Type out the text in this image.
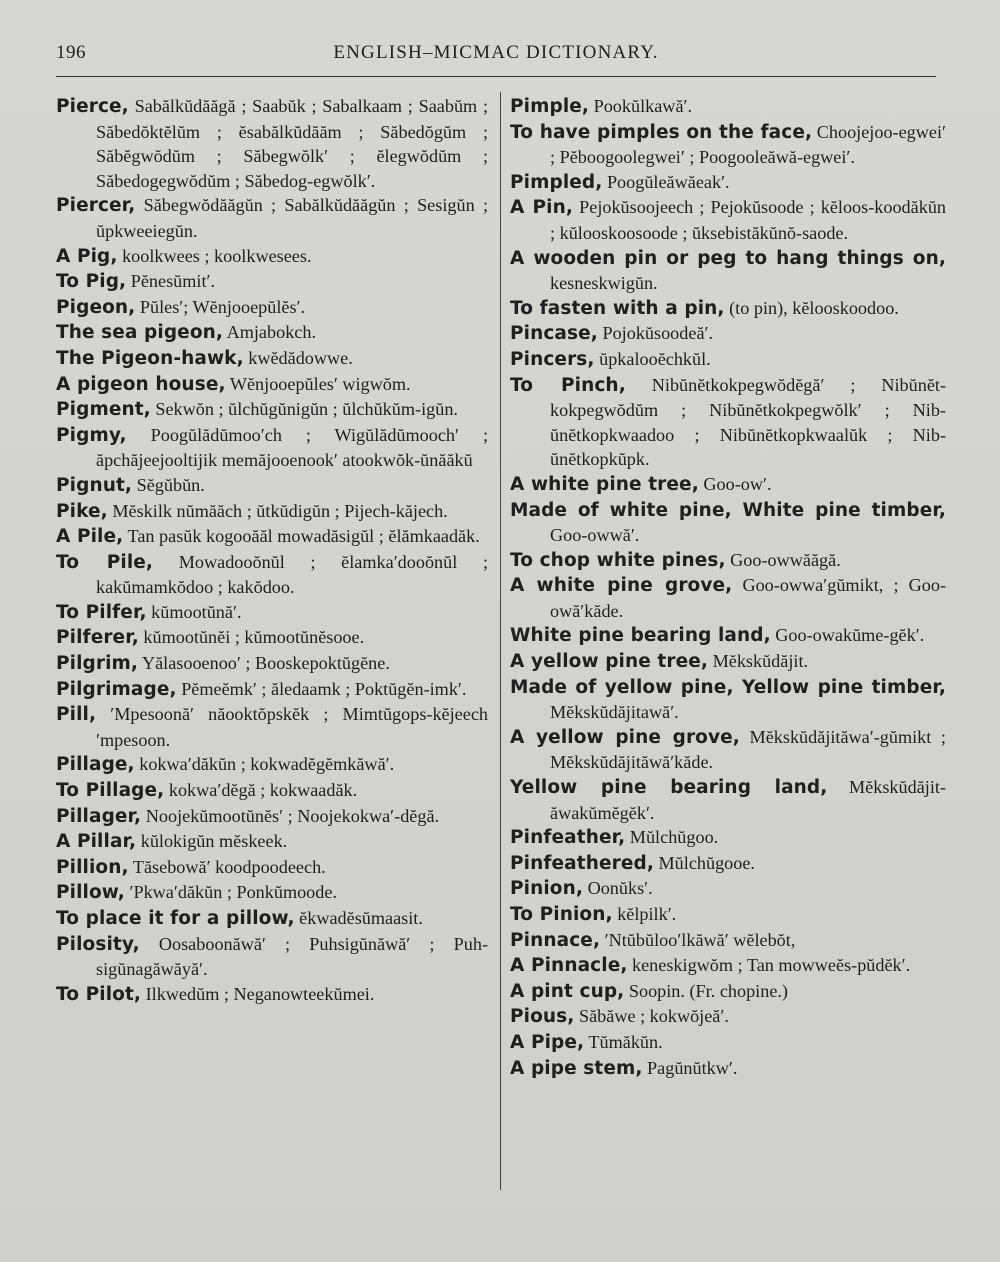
196	ENGLISH–MICMAC DICTIONARY.

Pierce, Sabălkŭdăăgă ; Saabŭk ; Sabalkaam ; Saabŭm ; Săbedŏktĕlŭm ; ĕsabălkŭdăăm ; Săbedŏgŭm ; Săbĕgwŏdŭm ; Săbegwŏlk′ ; ĕlegwŏdŭm ; Săbedogegwŏdŭm ; Săbedog-egwŏlk′.

Piercer, Săbegwŏdăăgŭn ; Sabălkŭdăăgŭn ; Sesigŭn ; ŭpkweeiegŭn.

A Pig, koolkwees ; koolkwesees.

To Pig, Pĕnesŭmit′.

Pigeon, Pŭles′; Wĕnjooepŭlĕs′.

The sea pigeon, Amjabokch.

The Pigeon-hawk, kwĕdădowwe.

A pigeon house, Wĕnjooepŭles′ wigwŏm.

Pigment, Sekwŏn ; ŭlchŭgŭnigŭn ; ŭlchŭkŭm-igŭn.

Pigmy, Poogŭlădŭmoo′ch ; Wigŭlădŭmooch′ ; ăpchăjeejooltijik memăjooenook′ atookwŏk-ŭnăăkŭ

Pignut, Sĕgŭbŭn.

Pike, Mĕskilk nŭmăăch ; ŭtkŭdigŭn ; Pijech-kăjech.

A Pile, Tan pasŭk kogooăăl mowadăsigŭl ; ĕlămkaadăk.

To Pile, Mowadooŏnŭl ; ĕlamka′dooŏnŭl ; kakŭmamkŏdoo ; kakŏdoo.

To Pilfer, kŭmootŭnă′.

Pilferer, kŭmootŭnĕi ; kŭmootŭnĕsooe.

Pilgrim, Yălasooenoo′ ; Booskepoktŭgĕne.

Pilgrimage, Pĕmeĕmk′ ; ăledaamk ; Poktŭgĕn-imk′.

Pill, ′Mpesoonă′ năooktŏpskĕk ; Mimtŭgops-kĕjeech ′mpesoon.

Pillage, kokwa′dăkŭn ; kokwadĕgĕmkăwă′.

To Pillage, kokwa′dĕgă ; kokwaadăk.

Pillager, Noojekŭmootŭnĕs′ ; Noojekokwa′-dĕgă.

A Pillar, kŭlokigŭn mĕskeek.

Pillion, Tăsebowă′ koodpoodeech.

Pillow, ′Pkwa′dăkŭn ; Ponkŭmoode.

To place it for a pillow, ĕkwadĕsŭmaasit.

Pilosity, Oosaboonăwă′ ; Puhsigŭnăwă′ ; Puh-sigŭnagăwăyă′.

To Pilot, Ilkwedŭm ; Neganowteekŭmei.

Pimple, Pookŭlkawă′.

To have pimples on the face, Choojejoo-egwei′ ; Pĕboogoolegwei′ ; Poogooleăwă-egwei′.

Pimpled, Poogŭleăwăeak′.

A Pin, Pejokŭsoojeech ; Pejokŭsoode ; kĕloos-koodăkŭn ; kŭlooskoosoode ; ŭksebistăkŭnŏ-saode.

A wooden pin or peg to hang things on, kesneskwigŭn.

To fasten with a pin, (to pin), kĕlooskoodoo.

Pincase, Pojokŭsoodeă′.

Pincers, ŭpkalooĕchkŭl.

To Pinch, Nibŭnĕtkokpegwŏdĕgă′ ; Nibŭnĕt-kokpegwŏdŭm ; Nibŭnĕtkokpegwŏlk′ ; Nib-ŭnĕtkopkwaadoo ; Nibŭnĕtkopkwaalŭk ; Nib-ŭnĕtkopkŭpk.

A white pine tree, Goo-ow′.

Made of white pine, White pine timber, Goo-owwă′.

To chop white pines, Goo-owwăăgă.

A white pine grove, Goo-owwa′gŭmikt, ; Goo-owă′kăde.

White pine bearing land, Goo-owakŭme-gĕk′.

A yellow pine tree, Mĕkskŭdăjit.

Made of yellow pine, Yellow pine timber, Mĕkskŭdăjitawă′.

A yellow pine grove, Mĕkskŭdăjităwa′-gŭmikt ; Mĕkskŭdăjităwă′kăde.

Yellow pine bearing land, Mĕkskŭdăjit-ăwakŭmĕgĕk′.

Pinfeather, Mŭlchŭgoo.

Pinfeathered, Mŭlchŭgooe.

Pinion, Oonŭks′.

To Pinion, kĕlpilk′.

Pinnace, ′Ntŭbŭloo′lkăwă′ wĕlebŏt,

A Pinnacle, keneskigwŏm ; Tan mowweĕs-pŭdĕk′.

A pint cup, Soopin. (Fr. chopine.)

Pious, Săbăwe ; kokwŏjeă′.

A Pipe, Tŭmăkŭn.

A pipe stem, Pagŭnŭtkw′.
